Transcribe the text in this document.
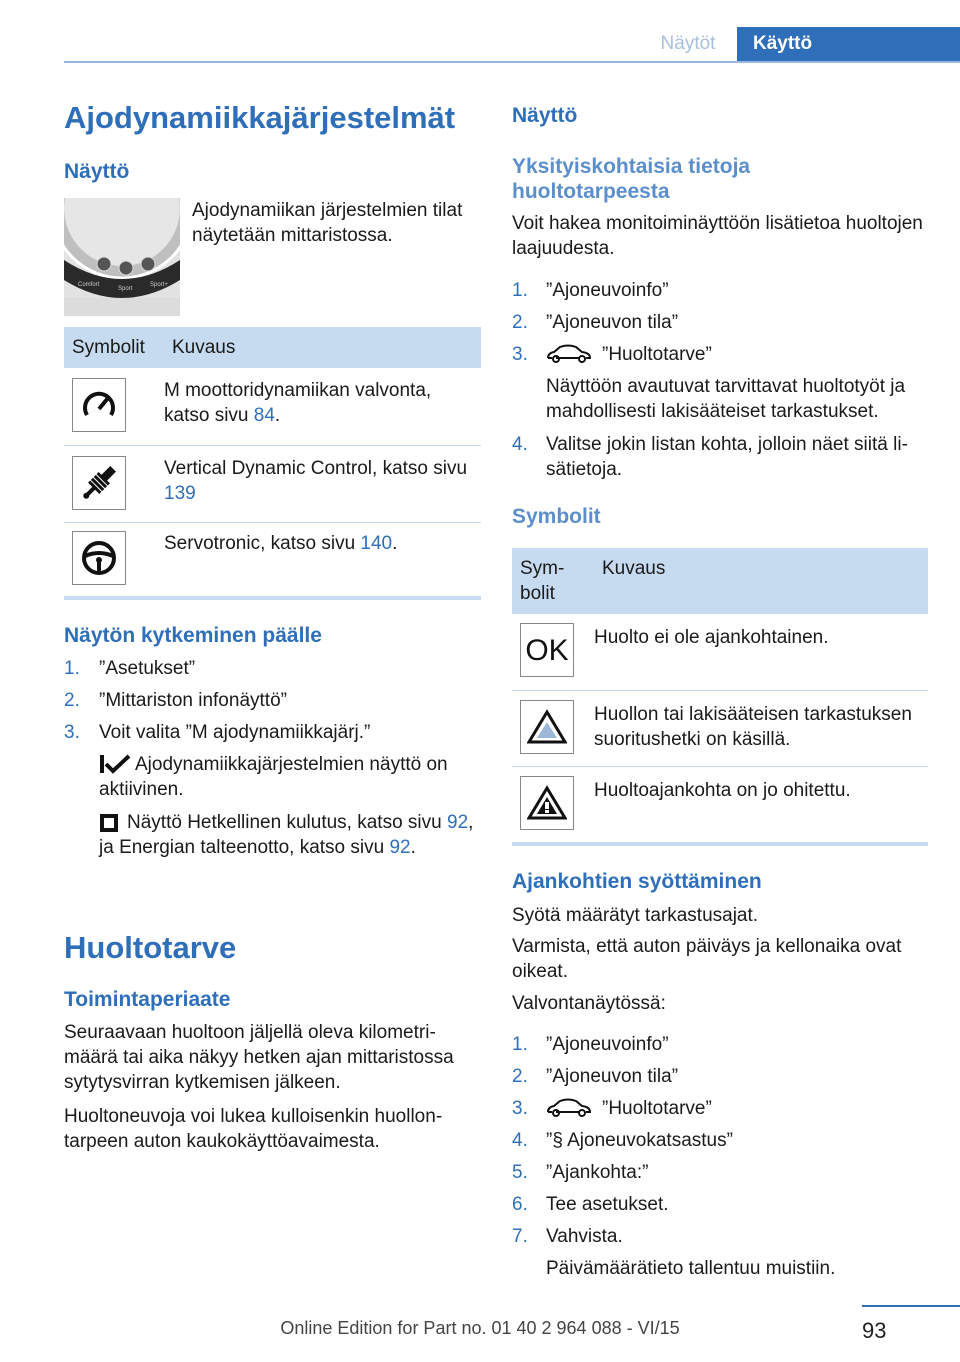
Näytöt	Käyttö
Ajodynamiikkajärjestelmät
Näyttö
Comfort
Sport
Sport+
Ajodynamiikan järjestelmien tilat näytetään mittaristossa.
Symbolit	Kuvaus

	M moottoridynamiikan valvonta, katso sivu 84.

	Vertical Dynamic Control, katso sivu 139

	Servotronic, katso sivu 140.
Näytön kytkeminen päälle
1. ”Asetukset”
2. ”Mittariston infonäyttö”
3. Voit valita ”M ajodynamiikkajärj.”
Ajodynamiikkajärjestelmien näyttö on aktiivinen.
Näyttö Hetkellinen kulutus, katso sivu 92, ja Energian talteenotto, katso sivu 92.
Huoltotarve
Toimintaperiaate
Seuraavaan huoltoon jäljellä oleva kilometrimäärä tai aika näkyy hetken ajan mittaristossa sytytysvirran kytkemisen jälkeen.
Huoltoneuvoja voi lukea kulloisenkin huollontarpeen auton kaukokäyttöavaimesta.
Näyttö
Yksityiskohtaisia tietoja huoltotarpeesta
Voit hakea monitoiminäyttöön lisätietoa huoltojen laajuudesta.
1. ”Ajoneuvoinfo”
2. ”Ajoneuvon tila”
3.	”Huoltotarve”
Näyttöön avautuvat tarvittavat huoltotyöt ja mahdollisesti lakisääteiset tarkastukset.
4. Valitse jokin listan kohta, jolloin näet siitä lisätietoja.
Symbolit
Symbolit	Kuvaus

OK	Huolto ei ole ajankohtainen.

	Huollon tai lakisääteisen tarkastuksen suoritushetki on käsillä.

	Huoltoajankohta on jo ohitettu.
Ajankohtien syöttäminen
Syötä määrätyt tarkastusajat.
Varmista, että auton päiväys ja kellonaika ovat oikeat.
Valvontanäytössä:
1. ”Ajoneuvoinfo”
2. ”Ajoneuvon tila”
3.	”Huoltotarve”
4. ”§ Ajoneuvokatsastus”
5. ”Ajankohta:”
6. Tee asetukset.
7. Vahvista.
Päivämäärätieto tallentuu muistiin.
Online Edition for Part no. 01 40 2 964 088 - VI/15	93
